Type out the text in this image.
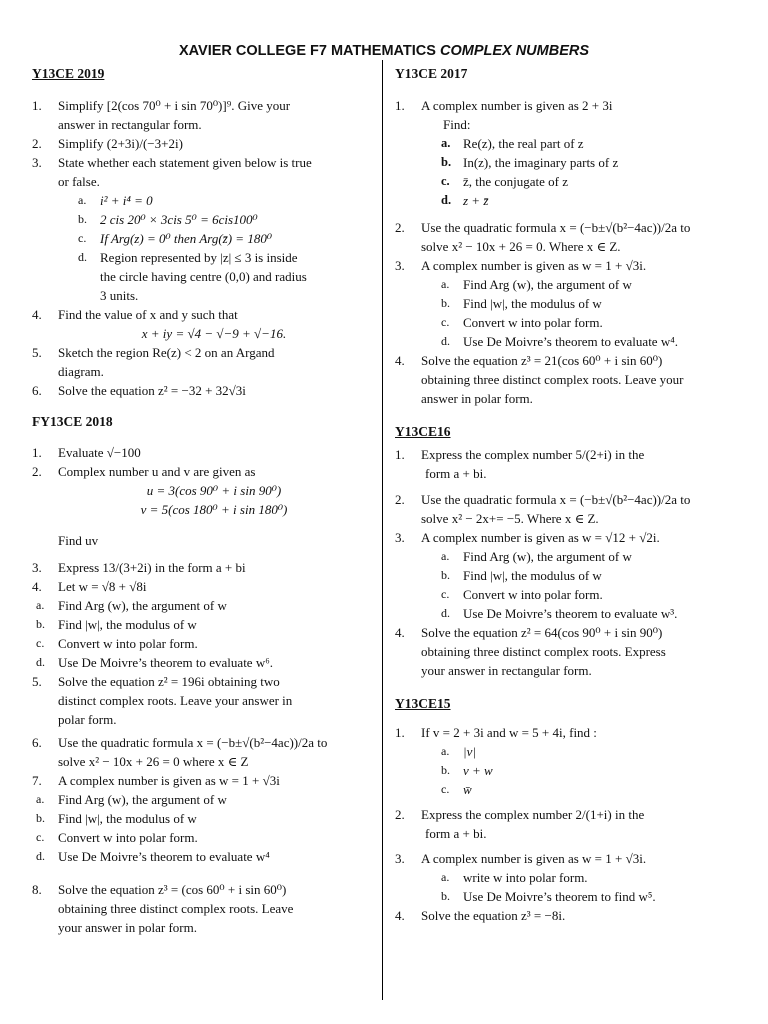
XAVIER COLLEGE F7 MATHEMATICS COMPLEX NUMBERS
Y13CE 2019
1. Simplify [2(cos 70⁰ + i sin 70⁰)]⁹. Give your
answer in rectangular form.
2. Simplify (2+3i)/(−3+2i)
3. State whether each statement given below is true
or false.
a. i² + i⁴ = 0
b. 2 cis 20⁰ × 3cis 5⁰ = 6cis100⁰
c. If Arg(z) = 0⁰ then Arg(z̄) = 180⁰
d. Region represented by |z| ≤ 3 is inside
the circle having centre (0,0) and radius
3 units.
4. Find the value of x and y such that
x + iy = √4 − √−9 + √−16.
5. Sketch the region Re(z) < 2 on an Argand
diagram.
6. Solve the equation z² = −32 + 32√3i
FY13CE 2018
1. Evaluate √−100
2. Complex number u and v are given as
u = 3(cos 90⁰ + i sin 90⁰)
v = 5(cos 180⁰ + i sin 180⁰)
Find uv
3. Express 13/(3+2i) in the form a + bi
4. Let w = √8 + √8i
a. Find Arg (w), the argument of w
b. Find |w|, the modulus of w
c. Convert w into polar form.
d. Use De Moivre’s theorem to evaluate w⁶.
5. Solve the equation z² = 196i obtaining two
distinct complex roots. Leave your answer in
polar form.
6. Use the quadratic formula x = (−b±√(b²−4ac))/2a to
solve x² − 10x + 26 = 0 where x ∈ Z
7. A complex number is given as w = 1 + √3i
a. Find Arg (w), the argument of w
b. Find |w|, the modulus of w
c. Convert w into polar form.
d. Use De Moivre’s theorem to evaluate w⁴
8. Solve the equation z³ = (cos 60⁰ + i sin 60⁰)
obtaining three distinct complex roots. Leave
your answer in polar form.
Y13CE 2017
1. A complex number is given as 2 + 3i
Find:
a. Re(z), the real part of z
b. In(z), the imaginary parts of z
c. z̄, the conjugate of z
d. z + z̄
2. Use the quadratic formula x = (−b±√(b²−4ac))/2a to
solve x² − 10x + 26 = 0. Where x ∈ Z.
3. A complex number is given as w = 1 + √3i.
a. Find Arg (w), the argument of w
b. Find |w|, the modulus of w
c. Convert w into polar form.
d. Use De Moivre’s theorem to evaluate w⁴.
4. Solve the equation z³ = 21(cos 60⁰ + i sin 60⁰)
obtaining three distinct complex roots. Leave your
answer in polar form.
Y13CE16
1. Express the complex number 5/(2+i) in the
form a + bi.
2. Use the quadratic formula x = (−b±√(b²−4ac))/2a to
solve x² − 2x+= −5. Where x ∈ Z.
3. A complex number is given as w = √12 + √2i.
a. Find Arg (w), the argument of w
b. Find |w|, the modulus of w
c. Convert w into polar form.
d. Use De Moivre’s theorem to evaluate w³.
4. Solve the equation z² = 64(cos 90⁰ + i sin 90⁰)
obtaining three distinct complex roots. Express
your answer in rectangular form.
Y13CE15
1. If v = 2 + 3i and w = 5 + 4i, find :
a. |v|
b. v + w
c. w̄
2. Express the complex number 2/(1+i) in the
form a + bi.
3. A complex number is given as w = 1 + √3i.
a. write w into polar form.
b. Use De Moivre’s theorem to find w⁵.
4. Solve the equation z³ = −8i.
